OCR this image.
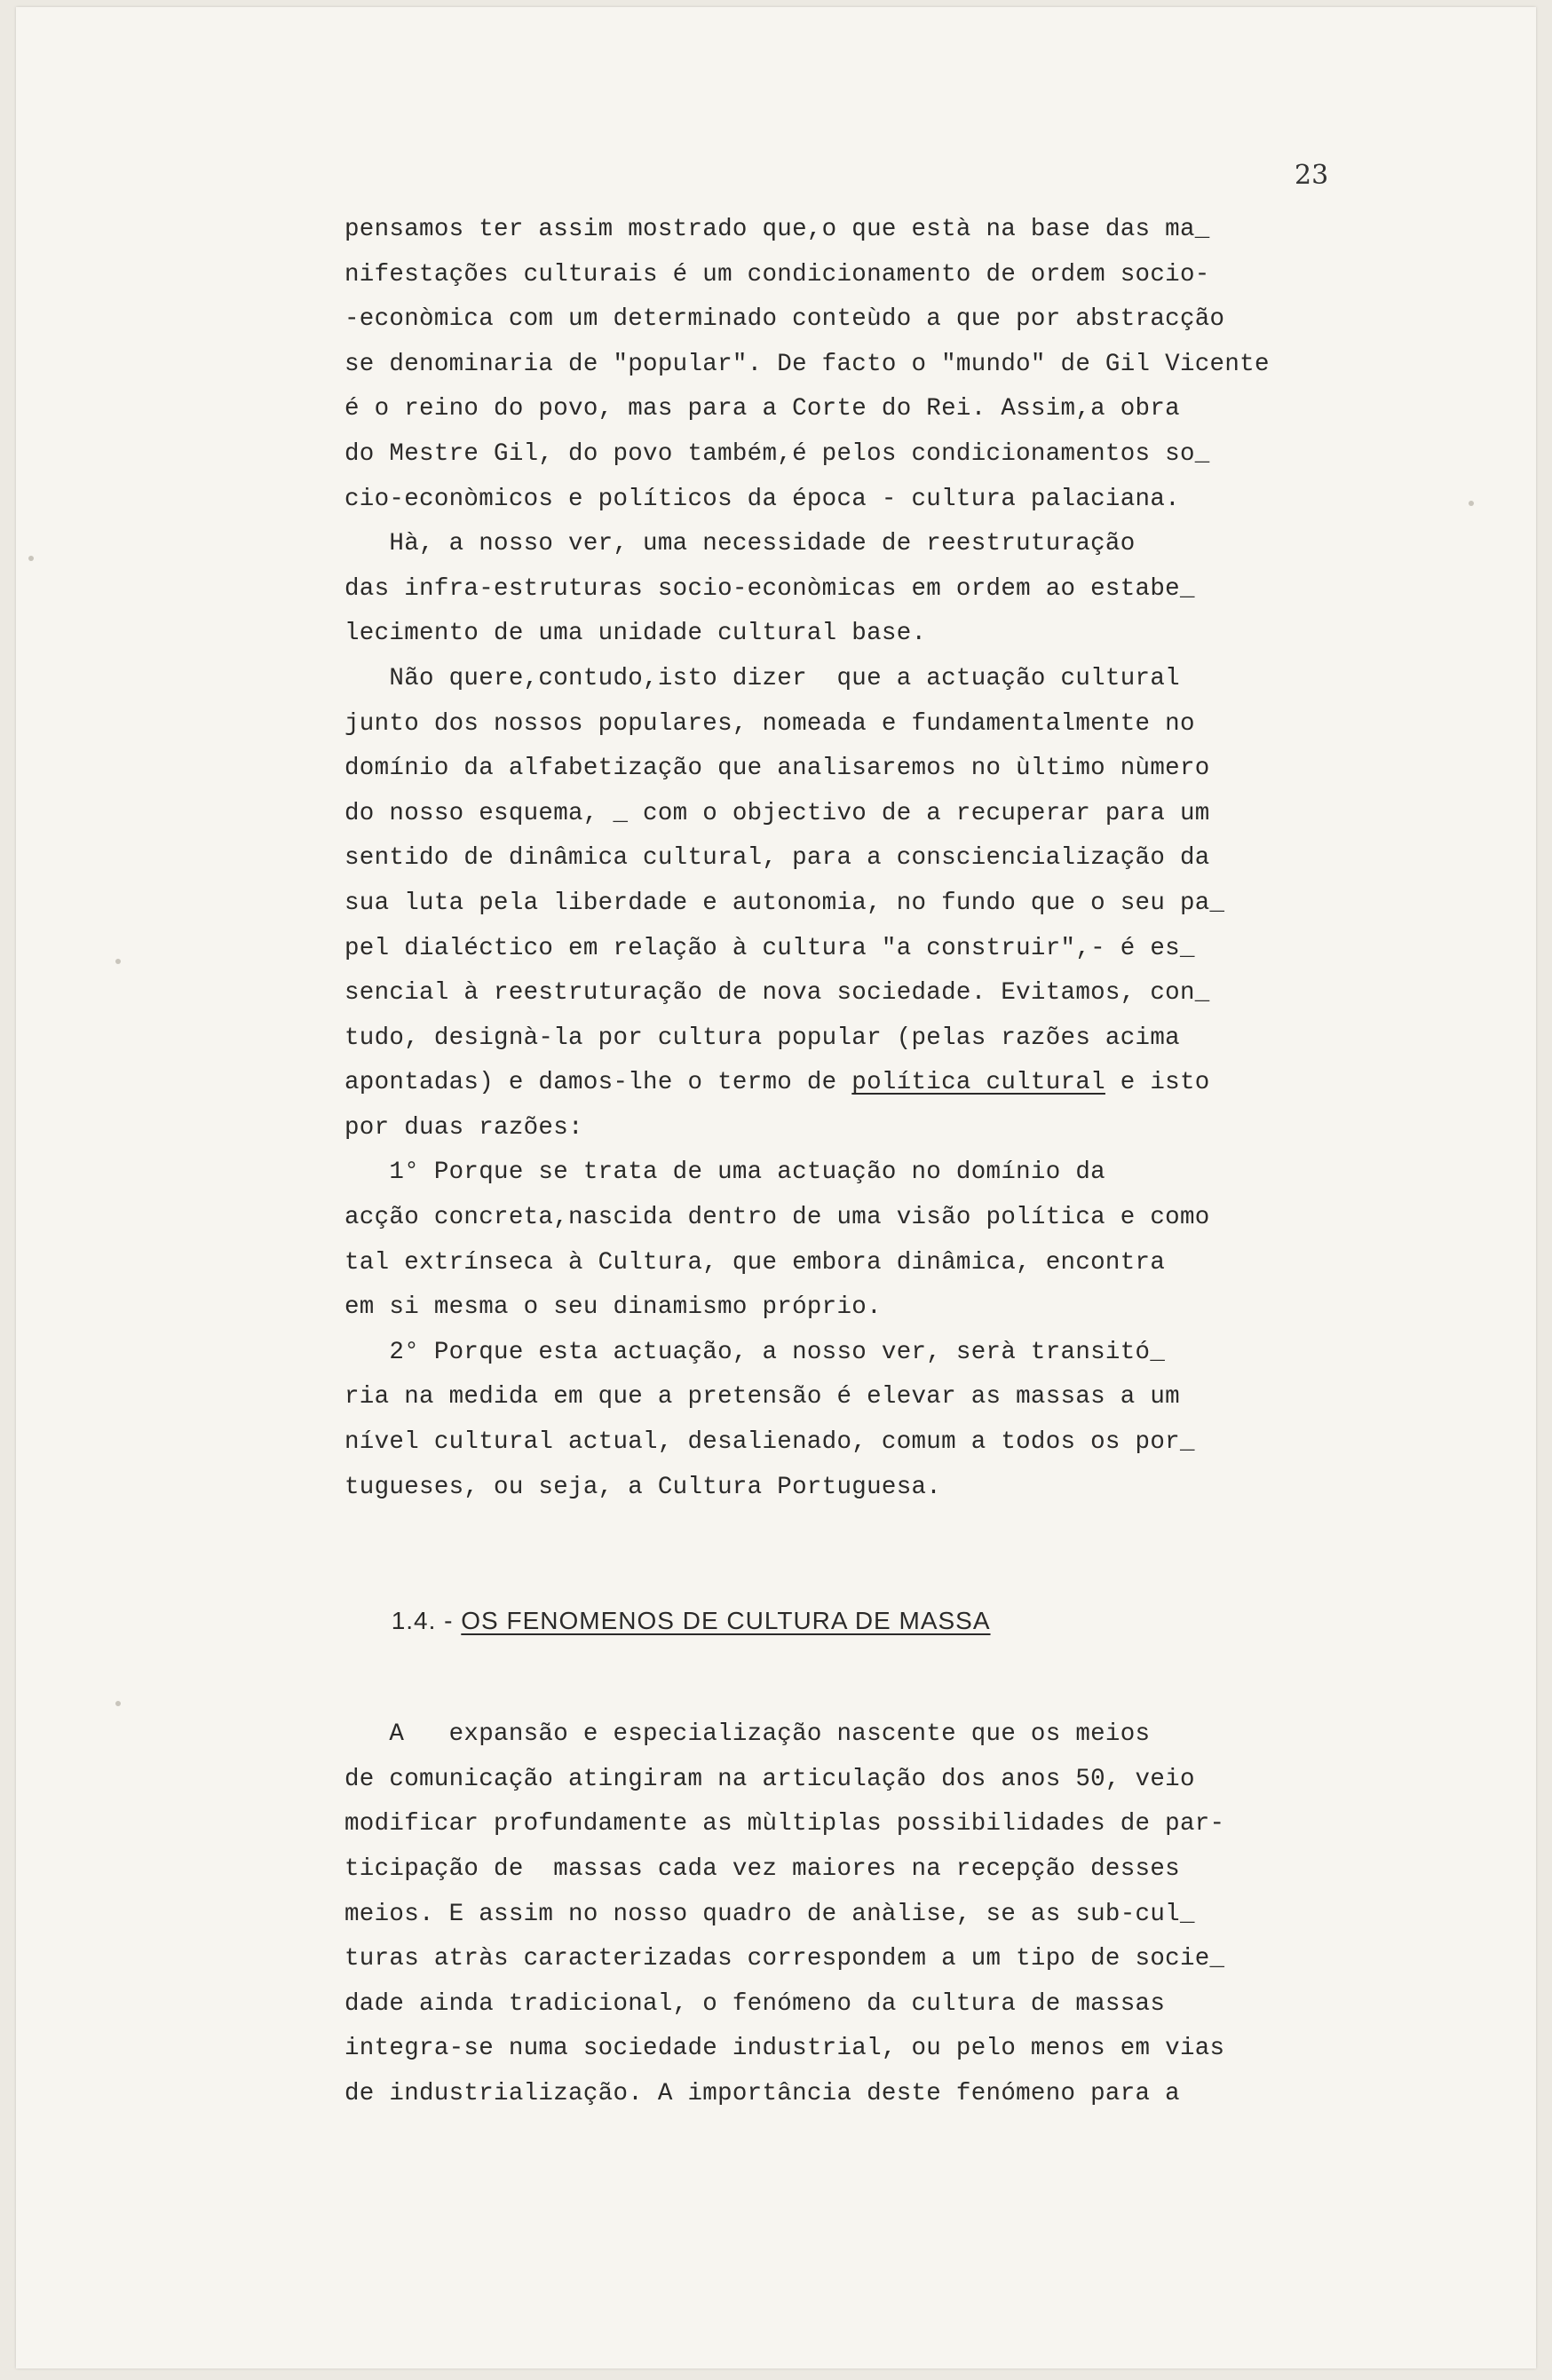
23
pensamos ter assim mostrado que,o que està na base das ma_
nifestações culturais é um condicionamento de ordem socio-
-econòmica com um determinado conteùdo a que por abstracção
se denominaria de "popular". De facto o "mundo" de Gil Vicente
é o reino do povo, mas para a Corte do Rei. Assim,a obra
do Mestre Gil, do povo também,é pelos condicionamentos so_
cio-econòmicos e políticos da época - cultura palaciana.
Hà, a nosso ver, uma necessidade de reestruturação
das infra-estruturas socio-econòmicas em ordem ao estabe_
lecimento de uma unidade cultural base.
Não quere,contudo,isto dizer  que a actuação cultural
junto dos nossos populares, nomeada e fundamentalmente no
domínio da alfabetização que analisaremos no ùltimo nùmero
do nosso esquema, _ com o objectivo de a recuperar para um
sentido de dinâmica cultural, para a consciencialização da
sua luta pela liberdade e autonomia, no fundo que o seu pa_
pel dialéctico em relação à cultura "a construir",- é es_
sencial à reestruturação de nova sociedade. Evitamos, con_
tudo, designà-la por cultura popular (pelas razões acima
apontadas) e damos-lhe o termo de política cultural e isto
por duas razões:
1° Porque se trata de uma actuação no domínio da
acção concreta,nascida dentro de uma visão política e como
tal extrínseca à Cultura, que embora dinâmica, encontra
em si mesma o seu dinamismo próprio.
2° Porque esta actuação, a nosso ver, serà transitó_
ria na medida em que a pretensão é elevar as massas a um
nível cultural actual, desalienado, comum a todos os por_
tugueses, ou seja, a Cultura Portuguesa.

1.4. - OS FENOMENOS DE CULTURA DE MASSA

A   expansão e especialização nascente que os meios
de comunicação atingiram na articulação dos anos 50, veio
modificar profundamente as mùltiplas possibilidades de par-
ticipação de  massas cada vez maiores na recepção desses
meios. E assim no nosso quadro de anàlise, se as sub-cul_
turas atràs caracterizadas correspondem a um tipo de socie_
dade ainda tradicional, o fenómeno da cultura de massas
integra-se numa sociedade industrial, ou pelo menos em vias
de industrialização. A importância deste fenómeno para a
